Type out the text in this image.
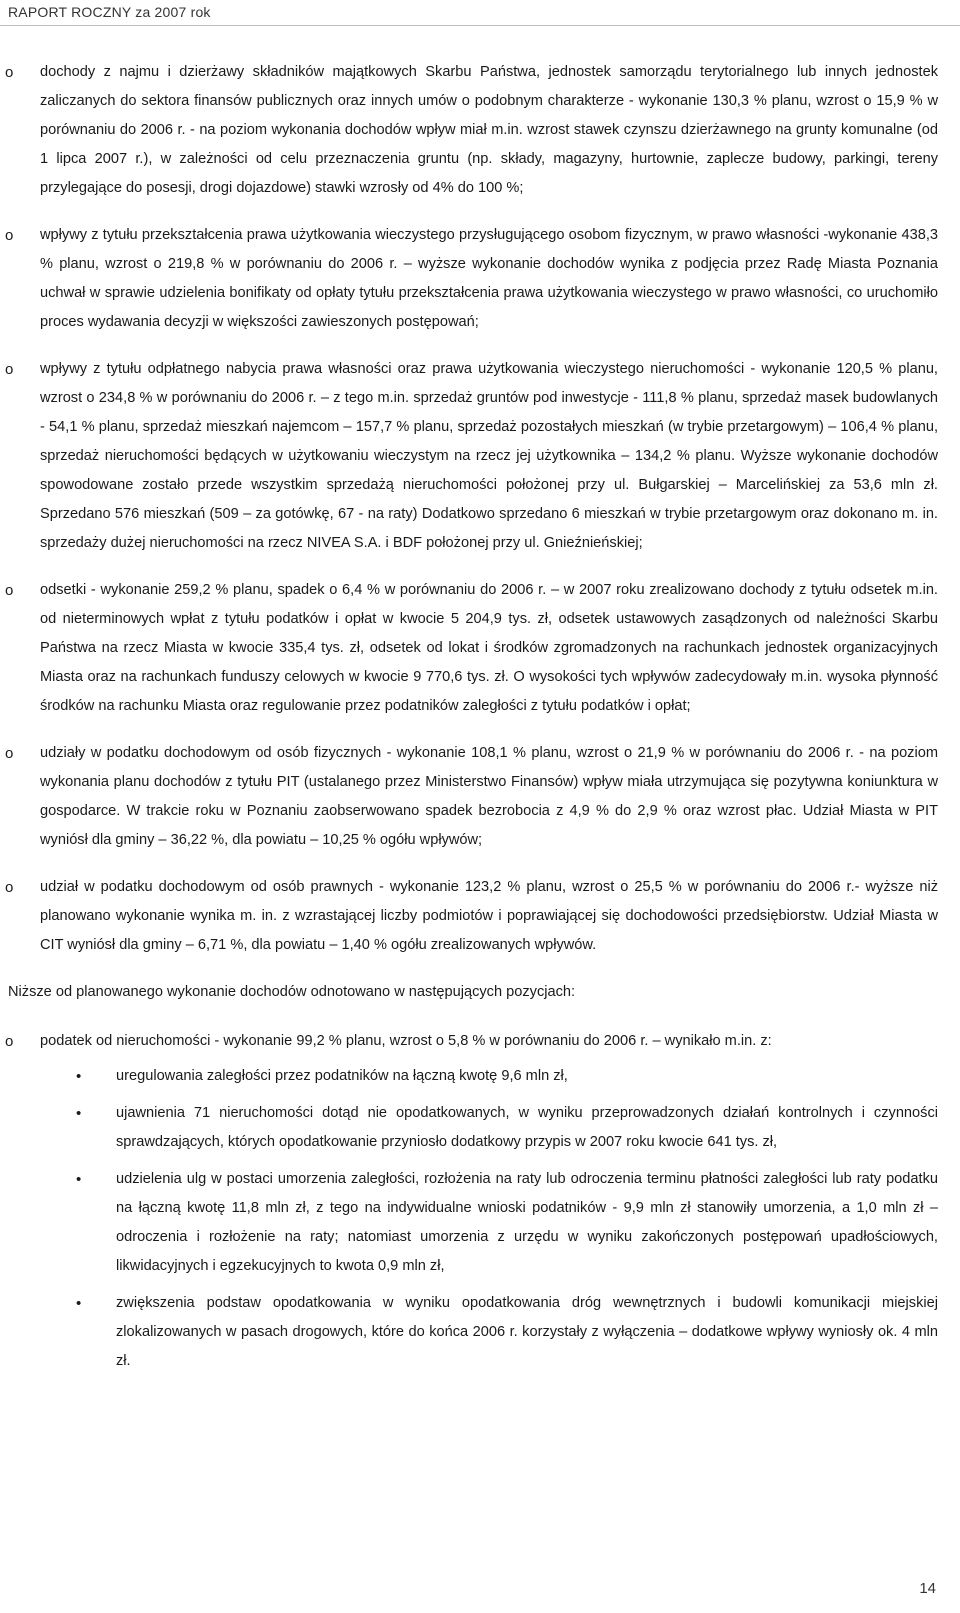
RAPORT ROCZNY za 2007 rok
o dochody z najmu i dzierżawy składników majątkowych Skarbu Państwa, jednostek samorządu terytorialnego lub innych jednostek zaliczanych do sektora finansów publicznych oraz innych umów o podobnym charakterze - wykonanie 130,3 % planu, wzrost o 15,9 % w porównaniu do 2006 r. - na poziom wykonania dochodów wpływ miał m.in. wzrost stawek czynszu dzierżawnego na grunty komunalne (od 1 lipca 2007 r.), w zależności od celu przeznaczenia gruntu (np. składy, magazyny, hurtownie, zaplecze budowy, parkingi, tereny przylegające do posesji, drogi dojazdowe) stawki wzrosły od 4% do 100 %;
o wpływy z tytułu przekształcenia prawa użytkowania wieczystego przysługującego osobom fizycznym, w prawo własności -wykonanie 438,3 % planu, wzrost o 219,8 % w porównaniu do 2006 r. – wyższe wykonanie dochodów wynika z podjęcia przez Radę Miasta Poznania uchwał w sprawie udzielenia bonifikaty od opłaty tytułu przekształcenia prawa użytkowania wieczystego w prawo własności, co uruchomiło proces wydawania decyzji w większości zawieszonych postępowań;
o wpływy z tytułu odpłatnego nabycia prawa własności oraz prawa użytkowania wieczystego nieruchomości - wykonanie 120,5 % planu, wzrost o 234,8 % w porównaniu do 2006 r. – z tego m.in. sprzedaż gruntów pod inwestycje - 111,8 % planu, sprzedaż masek budowlanych - 54,1 % planu, sprzedaż mieszkań najemcom – 157,7 % planu, sprzedaż pozostałych mieszkań (w trybie przetargowym) – 106,4 % planu, sprzedaż nieruchomości będących w użytkowaniu wieczystym na rzecz jej użytkownika – 134,2 % planu. Wyższe wykonanie dochodów spowodowane zostało przede wszystkim sprzedażą nieruchomości położonej przy ul. Bułgarskiej – Marcelińskiej za 53,6 mln zł. Sprzedano 576 mieszkań (509 – za gotówkę, 67 - na raty) Dodatkowo sprzedano 6 mieszkań w trybie przetargowym oraz dokonano m. in. sprzedaży dużej nieruchomości na rzecz NIVEA S.A. i BDF położonej przy ul. Gnieźnieńskiej;
o odsetki - wykonanie 259,2 % planu, spadek o 6,4 % w porównaniu do 2006 r. – w 2007 roku zrealizowano dochody z tytułu odsetek m.in. od nieterminowych wpłat z tytułu podatków i opłat w kwocie 5 204,9 tys. zł, odsetek ustawowych zasądzonych od należności Skarbu Państwa na rzecz Miasta w kwocie 335,4 tys. zł, odsetek od lokat i środków zgromadzonych na rachunkach jednostek organizacyjnych Miasta oraz na rachunkach funduszy celowych w kwocie 9 770,6 tys. zł. O wysokości tych wpływów zadecydowały m.in. wysoka płynność środków na rachunku Miasta oraz regulowanie przez podatników zaległości z tytułu podatków i opłat;
o udziały w podatku dochodowym od osób fizycznych - wykonanie 108,1 % planu, wzrost o 21,9 % w porównaniu do 2006 r. - na poziom wykonania planu dochodów z tytułu PIT (ustalanego przez Ministerstwo Finansów) wpływ miała utrzymująca się pozytywna koniunktura w gospodarce. W trakcie roku w Poznaniu zaobserwowano spadek bezrobocia z 4,9 % do 2,9 % oraz wzrost płac. Udział Miasta w PIT wyniósł dla gminy – 36,22 %, dla powiatu – 10,25 % ogółu wpływów;
o udział w podatku dochodowym od osób prawnych - wykonanie 123,2 % planu, wzrost o 25,5 % w porównaniu do 2006 r.- wyższe niż planowano wykonanie wynika m. in. z wzrastającej liczby podmiotów i poprawiającej się dochodowości przedsiębiorstw. Udział Miasta w CIT wyniósł dla gminy – 6,71 %, dla powiatu – 1,40 % ogółu zrealizowanych wpływów.
Niższe od planowanego wykonanie dochodów odnotowano w następujących pozycjach:
o podatek od nieruchomości - wykonanie 99,2 % planu, wzrost o 5,8 % w porównaniu do 2006 r. – wynikało m.in. z:
• uregulowania zaległości przez podatników na łączną kwotę 9,6 mln zł,
• ujawnienia 71 nieruchomości dotąd nie opodatkowanych, w wyniku przeprowadzonych działań kontrolnych i czynności sprawdzających, których opodatkowanie przyniosło dodatkowy przypis w 2007 roku kwocie 641 tys. zł,
• udzielenia ulg w postaci umorzenia zaległości, rozłożenia na raty lub odroczenia terminu płatności zaległości lub raty podatku na łączną kwotę 11,8 mln zł, z tego na indywidualne wnioski podatników - 9,9 mln zł stanowiły umorzenia, a 1,0 mln zł – odroczenia i rozłożenie na raty; natomiast umorzenia z urzędu w wyniku zakończonych postępowań upadłościowych, likwidacyjnych i egzekucyjnych to kwota 0,9 mln zł,
• zwiększenia podstaw opodatkowania w wyniku opodatkowania dróg wewnętrznych i budowli komunikacji miejskiej zlokalizowanych w pasach drogowych, które do końca 2006 r. korzystały z wyłączenia – dodatkowe wpływy wyniosły ok. 4 mln zł.
14
